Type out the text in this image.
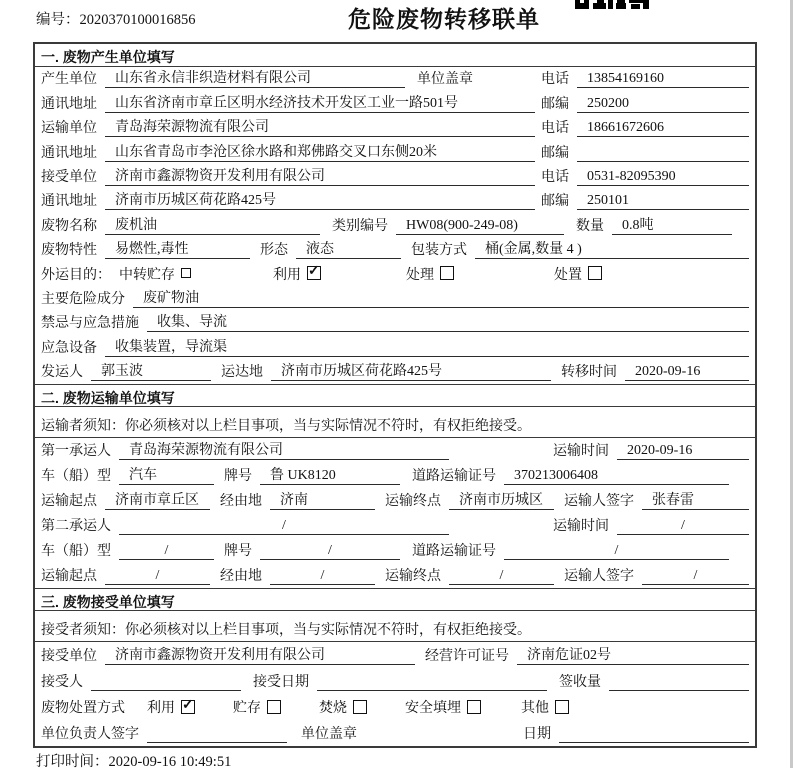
编号：2020370100016856	危险废物转移联单
一. 废物产生单位填写
产生单位	山东省永信非织造材料有限公司	单位盖章	电话	13854169160
通讯地址	山东省济南市章丘区明水经济技术开发区工业一路501号	邮编	250200
运输单位	青岛海荣源物流有限公司	电话	18661672606
通讯地址	山东省青岛市李沧区徐水路和郑佛路交叉口东侧20米	邮编
接受单位	济南市鑫源物资开发利用有限公司	电话	0531-82095390
通讯地址	济南市历城区荷花路425号	邮编	250101
废物名称	废机油	类别编号	HW08(900-249-08)	数量	0.8吨
废物特性	易燃性,毒性	形态	液态	包装方式	桶(金属,数量 4 )
外运目的： 中转贮存	利用 ✓	处理	处置
主要危险成分	废矿物油
禁忌与应急措施	收集、导流
应急设备	收集装置，导流渠
发运人	郭玉波	运达地	济南市历城区荷花路425号	转移时间	2020-09-16
二. 废物运输单位填写
运输者须知：你必须核对以上栏目事项，当与实际情况不符时，有权拒绝接受。
第一承运人	青岛海荣源物流有限公司	运输时间	2020-09-16
车（船）型	汽车	牌号	鲁 UK8120	道路运输证号	370213006408
运输起点	济南市章丘区	经由地	济南	运输终点	济南市历城区	运输人签字	张春雷
第二承运人	/	运输时间	/
车（船）型	/	牌号	/	道路运输证号	/
运输起点	/	经由地	/	运输终点	/	运输人签字	/
三. 废物接受单位填写
接受者须知：你必须核对以上栏目事项，当与实际情况不符时，有权拒绝接受。
接受单位	济南市鑫源物资开发利用有限公司	经营许可证号	济南危证02号
接受人	接受日期	签收量
废物处置方式 利用 ✓	贮存	焚烧	安全填埋	其他
单位负责人签字	单位盖章	日期
打印时间：2020-09-16 10:49:51
